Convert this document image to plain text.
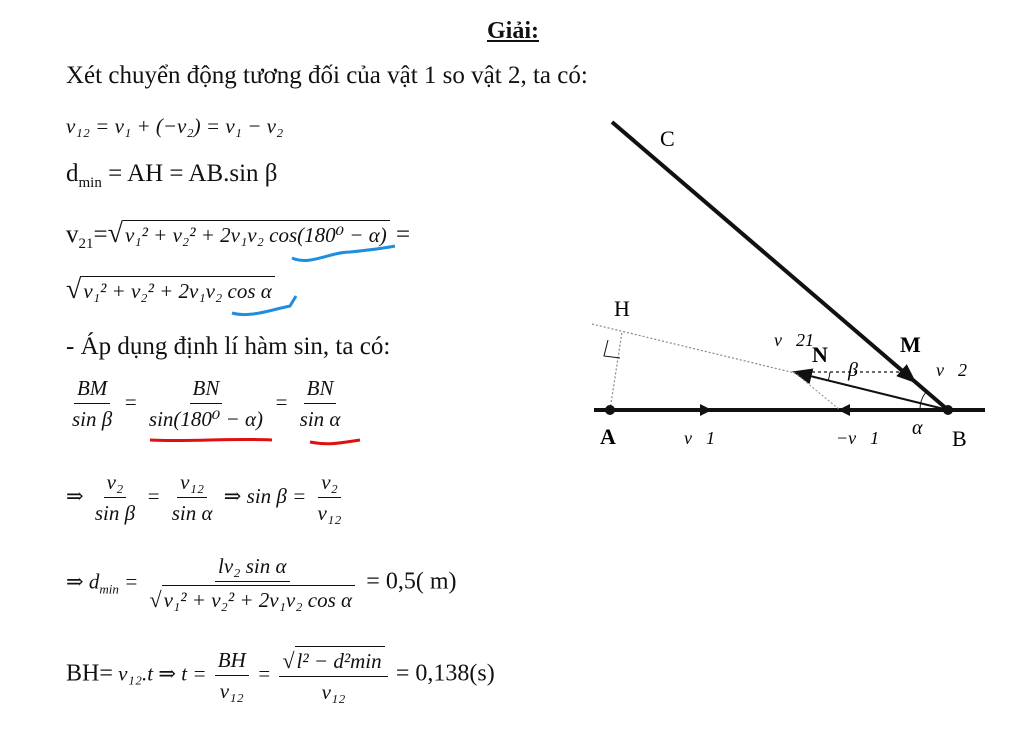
Giải:
Xét chuyển động tương đối của vật 1 so vật 2, ta có:
v₁₂ = v₁ + (−v₂) = v₁ − v₂
$d_{min}$ = AH = AB.sin β
$v_{21}=√v_1^2 + v_2^2 + 2v_1v_2$ cos(180⁰ − α) =
√v₁² + v₂² + 2v₁v₂ cos α
- Áp dụng định lí hàm sin, ta có:
$\frac{BM}{\text{sin β}} = \frac{BN}{\text{sin(180⁰ − α)}} = \frac{BN}{\text{sin α}}$
⇒ $\frac{\text{v₂}}{\text{sin β}} = \frac{\text{v₁₂}}{\text{sin α}}$ ⇒ $\sin \beta = \frac{\text{v₂}}{\text{v₁₂}}$
⇒ $d_{min} = \frac{\text{lv₂ sin α}}{\text{√v₁² + v₂² + 2v₁v₂ cos α}} = 0,5$( m)
BH= v₁₂.t ⇒ $t = \frac{BH}{\text{v₁₂}} = \frac{\text{√l² − d²min}}{\text{v₁₂}} = 0,138(s)$
C
H
M
N
A	B
β
α
v⃗21
v⃗2
v⃗1	−v⃗1
